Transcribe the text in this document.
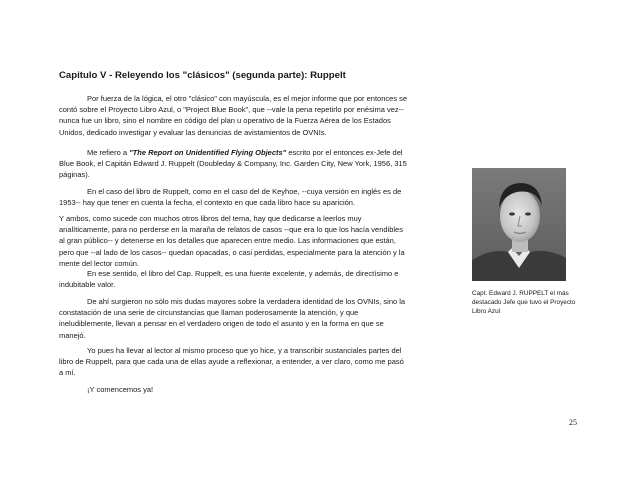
Capitulo V - Releyendo los "clásicos" (segunda parte): Ruppelt

Por fuerza de la lógica, el otro "clásico" con mayúscula, es el mejor informe que por entonces se contó sobre el Proyecto Libro Azul, o "Project Blue Book", que --vale la pena repetirlo por enésima vez-- nunca fue un libro, sino el nombre en código del plan u operativo de la Fuerza Aérea de los Estados Unidos, dedicado investigar y evaluar las denuncias de avistamientos de OVNIs.

Me refiero a "The Report on Unidentified Flying Objects" escrito por el entonces ex-Jefe del Blue Book, el Capitán Edward J. Ruppelt (Doubleday & Company, Inc. Garden City, New York, 1956, 315 páginas).

En el caso del libro de Ruppelt, como en el caso del de Keyhoe, --cuya versión en inglés es de 1953-- hay que tener en cuenta la fecha, el contexto en que cada libro hace su aparición.

Y ambos, como sucede con muchos otros libros del tema, hay que dedicarse a leerlos muy analíticamente, para no perderse en la maraña de relatos de casos --que era lo que los hacía vendibles al gran público-- y detenerse en los detalles que aparecen entre medio. Las informaciones que están, pero que --al lado de los casos-- quedan opacadas, o casi perdidas, especialmente para la atención y la mente del lector común.

En ese sentido, el libro del Cap. Ruppelt, es una fuente excelente, y además, de directísimo e indubitable valor.

De ahí surgieron no sólo mis dudas mayores sobre la verdadera identidad de los OVNIs, sino la constatación de una serie de circunstancias que llaman poderosamente la atención, y que ineludiblemente, llevan a pensar en el verdadero origen de todo el asunto y en la forma en que se manejó.

Yo pues ha llevar al lector al mismo proceso que yo hice, y a transcribir sustanciales partes del libro de Ruppelt, para que cada una de ellas ayude a reflexionar, a entender, a ver claro, como me pasó a mí.

¡Y comencemos ya!

Capt. Edward J. RUPPELT el más destacado Jefe que tuvo el Proyecto Libro Azul

25
